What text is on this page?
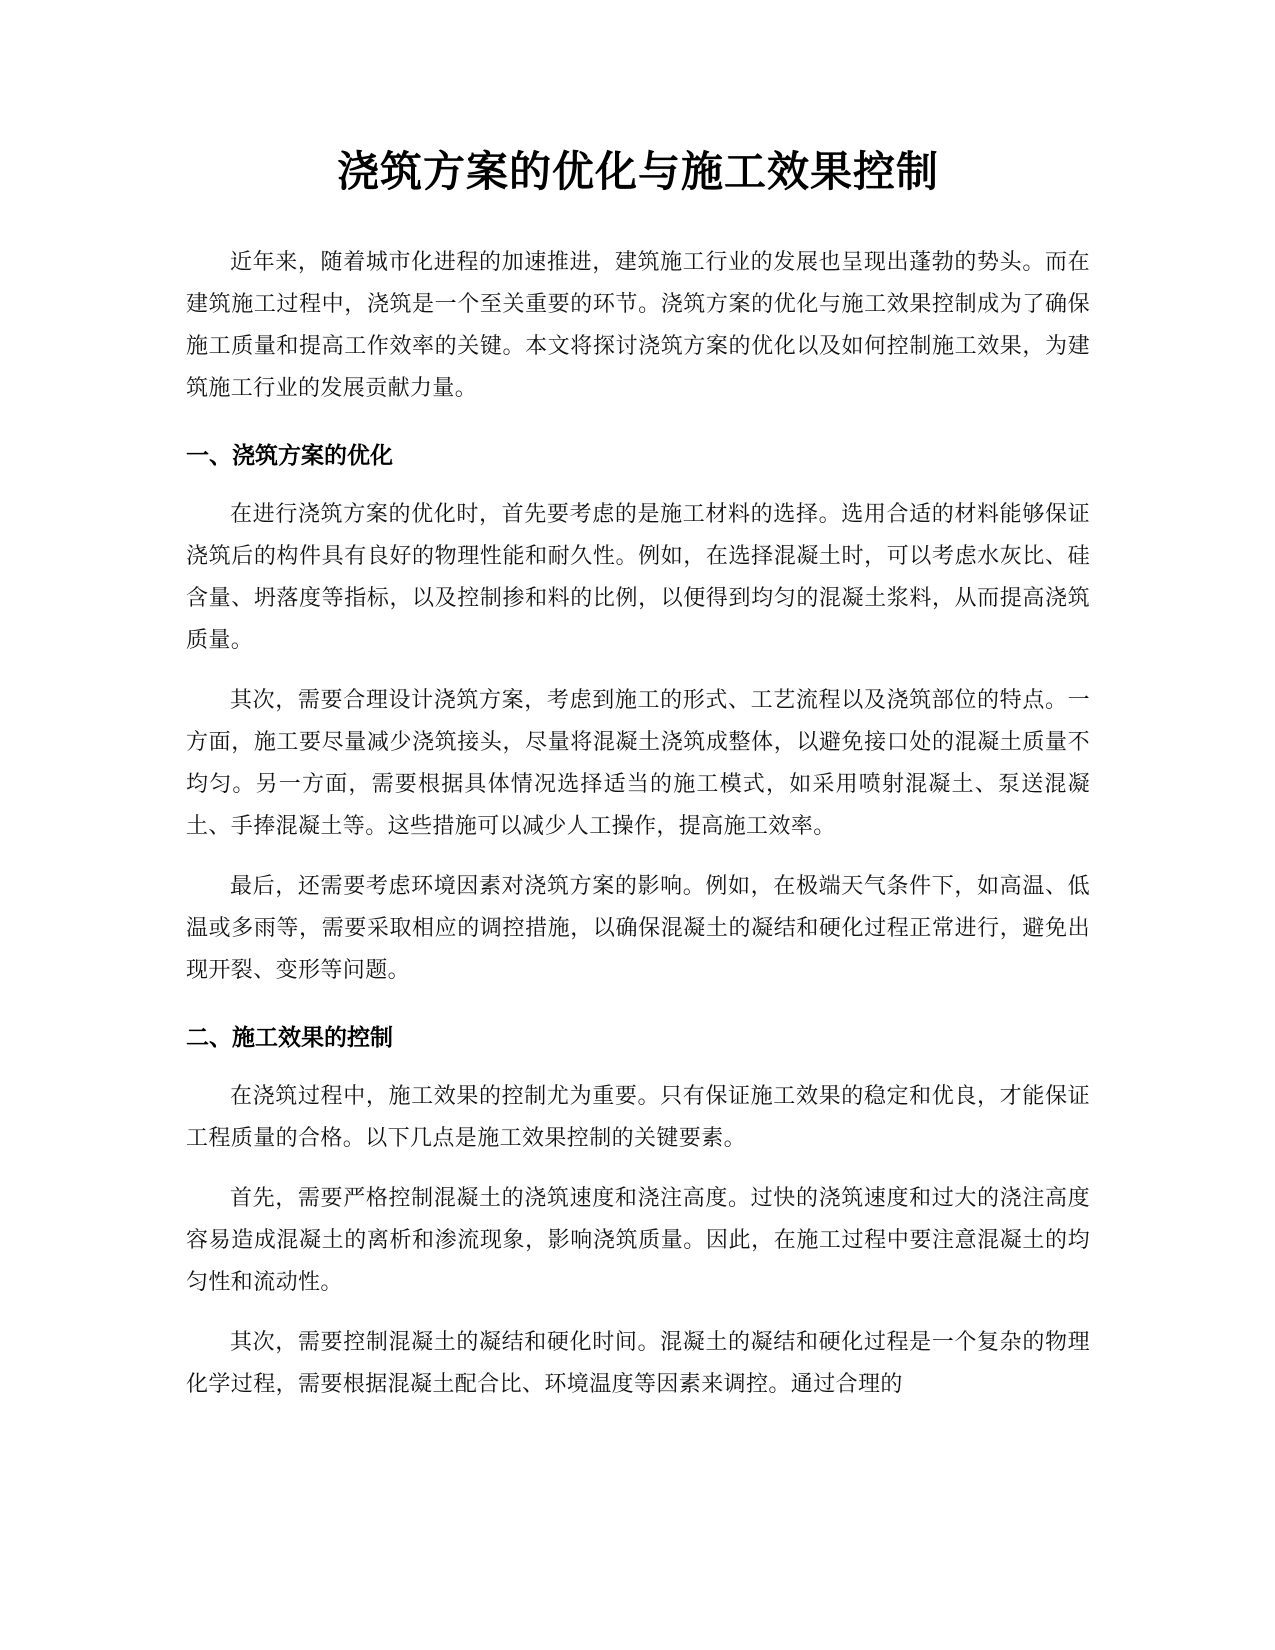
浇筑方案的优化与施工效果控制

近年来，随着城市化进程的加速推进，建筑施工行业的发展也呈现出蓬勃的势头。而在建筑施工过程中，浇筑是一个至关重要的环节。浇筑方案的优化与施工效果控制成为了确保施工质量和提高工作效率的关键。本文将探讨浇筑方案的优化以及如何控制施工效果，为建筑施工行业的发展贡献力量。

一、浇筑方案的优化

在进行浇筑方案的优化时，首先要考虑的是施工材料的选择。选用合适的材料能够保证浇筑后的构件具有良好的物理性能和耐久性。例如，在选择混凝土时，可以考虑水灰比、硅含量、坍落度等指标，以及控制掺和料的比例，以便得到均匀的混凝土浆料，从而提高浇筑质量。

其次，需要合理设计浇筑方案，考虑到施工的形式、工艺流程以及浇筑部位的特点。一方面，施工要尽量减少浇筑接头，尽量将混凝土浇筑成整体，以避免接口处的混凝土质量不均匀。另一方面，需要根据具体情况选择适当的施工模式，如采用喷射混凝土、泵送混凝土、手捧混凝土等。这些措施可以减少人工操作，提高施工效率。

最后，还需要考虑环境因素对浇筑方案的影响。例如，在极端天气条件下，如高温、低温或多雨等，需要采取相应的调控措施，以确保混凝土的凝结和硬化过程正常进行，避免出现开裂、变形等问题。

二、施工效果的控制

在浇筑过程中，施工效果的控制尤为重要。只有保证施工效果的稳定和优良，才能保证工程质量的合格。以下几点是施工效果控制的关键要素。

首先，需要严格控制混凝土的浇筑速度和浇注高度。过快的浇筑速度和过大的浇注高度容易造成混凝土的离析和渗流现象，影响浇筑质量。因此，在施工过程中要注意混凝土的均匀性和流动性。

其次，需要控制混凝土的凝结和硬化时间。混凝土的凝结和硬化过程是一个复杂的物理化学过程，需要根据混凝土配合比、环境温度等因素来调控。通过合理的
